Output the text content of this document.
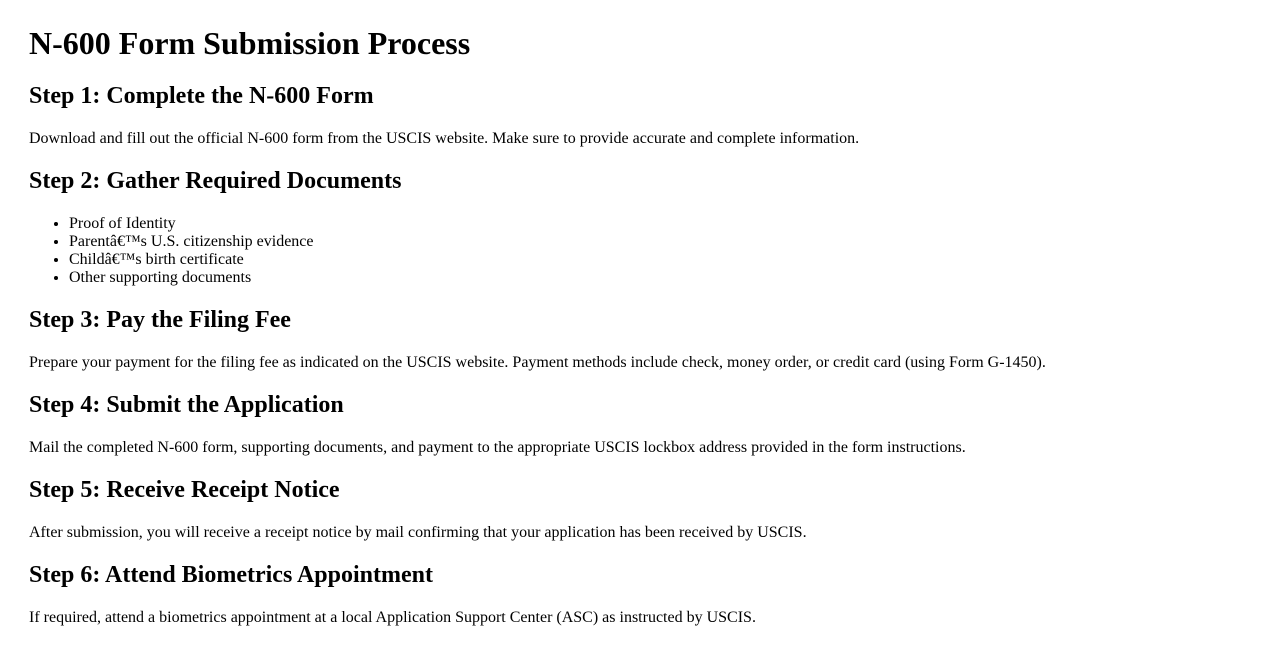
N-600 Form Submission Process
Step 1: Complete the N-600 Form

Download and fill out the official N-600 form from the USCIS website. Make sure to provide accurate and complete information.

Step 2: Gather Required Documents
• Proof of Identity
• Parentâ€™s U.S. citizenship evidence
• Childâ€™s birth certificate
• Other supporting documents
Step 3: Pay the Filing Fee

Prepare your payment for the filing fee as indicated on the USCIS website. Payment methods include check, money order, or credit card (using Form G-1450).

Step 4: Submit the Application

Mail the completed N-600 form, supporting documents, and payment to the appropriate USCIS lockbox address provided in the form instructions.

Step 5: Receive Receipt Notice

After submission, you will receive a receipt notice by mail confirming that your application has been received by USCIS.

Step 6: Attend Biometrics Appointment

If required, attend a biometrics appointment at a local Application Support Center (ASC) as instructed by USCIS.
